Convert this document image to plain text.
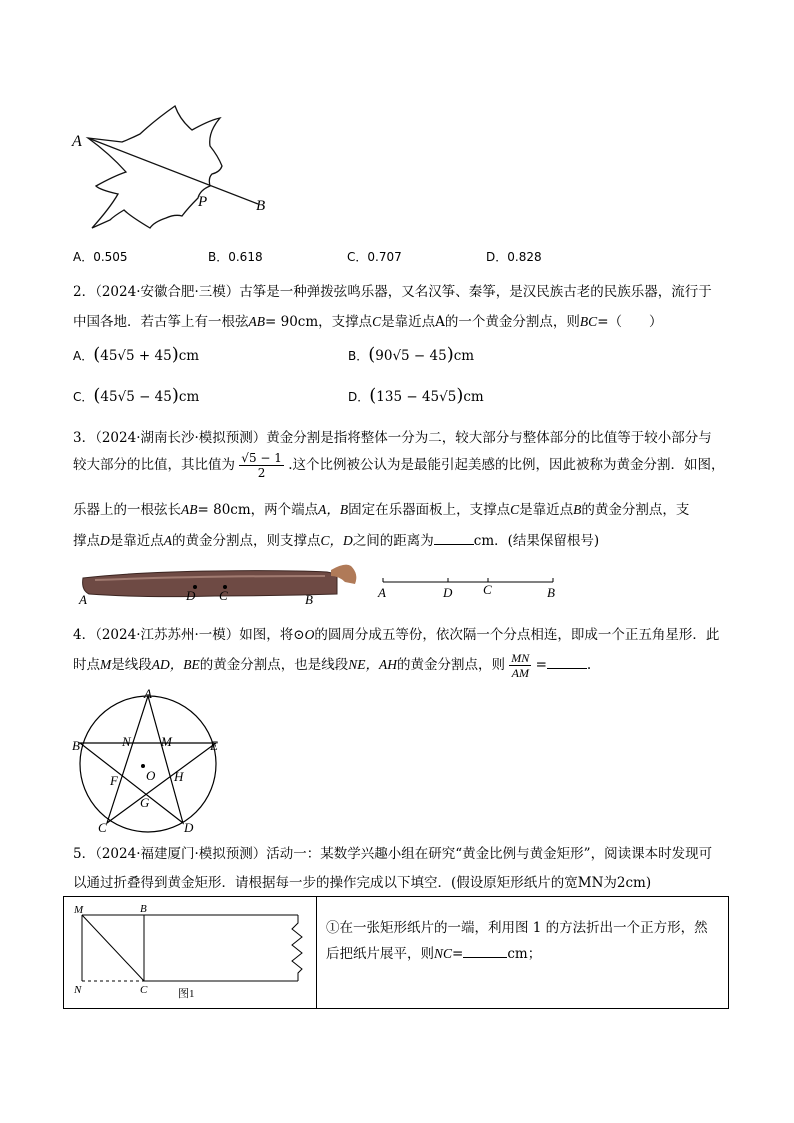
A
P	B
A．0.505	B．0.618	C．0.707	D．0.828
2．（2024·安徽合肥·三模）古筝是一种弹拨弦鸣乐器，又名汉筝、秦筝，是汉民族古老的民族乐器，流行于
中国各地．若古筝上有一根弦AB= 90cm，支撑点C是靠近点A的一个黄金分割点，则BC=（　　）
A．(45√5 + 45)cm	B．(90√5 − 45)cm
C．(45√5 − 45)cm	D．(135 − 45√5)cm
3．（2024·湖南长沙·模拟预测）黄金分割是指将整体一分为二，较大部分与整体部分的比值等于较小部分与
较大部分的比值，其比值为 $\frac{√5 - 1}{2}$ .这个比例被公认为是最能引起美感的比例，因此被称为黄金分割．如图，
乐器上的一根弦长AB= 80cm，两个端点A，B固定在乐器面板上，支撑点C是靠近点B的黄金分割点，支
撑点D是靠近点A的黄金分割点，则支撑点C，D之间的距离为	cm．(结果保留根号)
A	D C	B	A	D C	B
4．（2024·江苏苏州·一模）如图，将⊙O的圆周分成五等份，依次隔一个分点相连，即成一个正五角星形．此
时点M是线段AD，BE的黄金分割点，也是线段NE，AH的黄金分割点，则 $\frac{MN}{AM}$ =	.
A
B	E
N M
F O H
G
C	D
5．（2024·福建厦门·模拟预测）活动一：某数学兴趣小组在研究“黄金比例与黄金矩形”，阅读课本时发现可
以通过折叠得到黄金矩形．请根据每一步的操作完成以下填空．(假设原矩形纸片的宽MN为2cm)
M	B
N	C	图1
①在一张矩形纸片的一端，利用图 1 的方法折出一个正方形，然
后把纸片展平，则NC=	cm；
